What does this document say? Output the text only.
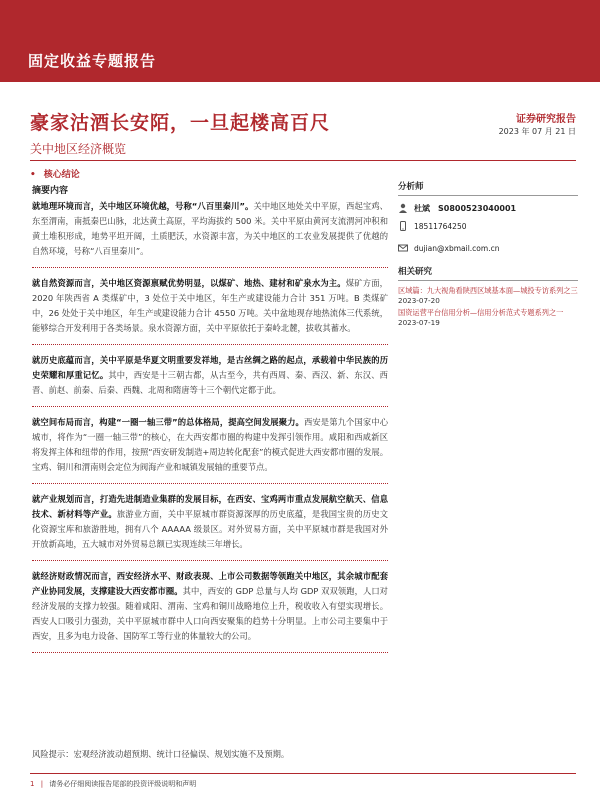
固定收益专题报告
豪家沽酒长安陌，一旦起楼高百尺
关中地区经济概览
证券研究报告
2023 年 07 月 21 日
• 核心结论
摘要内容

就地理环境而言，关中地区环境优越，号称“八百里秦川”。关中地区地处关中平原，西起宝鸡、东至渭南，南抵秦巴山脉，北达黄土高原，平均海拔约 500 米。关中平原由黄河支流渭河冲积和黄土堆积形成，地势平坦开阔，土质肥沃，水资源丰富，为关中地区的工农业发展提供了优越的自然环境，号称“八百里秦川”。

就自然资源而言，关中地区资源禀赋优势明显，以煤矿、地热、建材和矿泉水为主。煤矿方面，2020 年陕西省 A 类煤矿中，3 处位于关中地区，年生产或建设能力合计 351 万吨。B 类煤矿中，26 处处于关中地区，年生产或建设能力合计 4550 万吨。关中盆地现存地热流体三代系统，能够综合开发利用于各类场景。泉水资源方面，关中平原依托于秦岭北麓，拔收其蓄水。

就历史底蕴而言，关中平原是华夏文明重要发祥地，是古丝绸之路的起点，承载着中华民族的历史荣耀和厚重记忆。其中，西安是十三朝古都，从古至今，共有西周、秦、西汉、新、东汉、西晋、前赵、前秦、后秦、西魏、北周和隋唐等十三个朝代定都于此。

就空间布局而言，构建“一圈一轴三带”的总体格局，提高空间发展聚力。西安是第九个国家中心城市，将作为“一圈一轴三带”的核心，在大西安都市圈的构建中发挥引领作用。咸阳和西咸新区将发挥主体和纽带的作用，按照“西安研发制造+周边转化配套”的模式促进大西安都市圈的发展。宝鸡、铜川和渭南则会定位为阀海产业和城镇发展轴的重要节点。

就产业规划而言，打造先进制造业集群的发展目标，在西安、宝鸡两市重点发展航空航天、信息技术、新材料等产业。旅游业方面，关中平原城市群资源深厚的历史底蕴，是我国宝贵的历史文化资源宝库和旅游胜地，拥有八个 AAAAA 级景区。对外贸易方面，关中平原城市群是我国对外开放新高地，五大城市对外贸易总额已实现连续三年增长。

就经济财政情况而言，西安经济水平、财政表现、上市公司数据等领跑关中地区，其余城市配套产业协同发展，支撑建设大西安都市圈。其中，西安的 GDP 总量与人均 GDP 双双领跑，人口对经济发展的支撑力较强。随着咸阳、渭南、宝鸡和铜川战略地位上升，税收收入有望实现增长。西安人口吸引力强劲，关中平原城市群中人口向西安聚集的趋势十分明显。上市公司主要集中于西安，且多为电力设备、国防军工等行业的体量较大的公司。

风险提示：宏观经济波动超预期、统计口径偏误、规划实施不及预期。
分析师
杜斌 S0800523040001
18511764250
dujian@xbmail.com.cn
相关研究
区域篇：九大视角看陕西区域基本面—城投专访系列之三 2023-07-20
国资运营平台信用分析—信用分析范式专题系列之一 2023-07-19
1 | 请务必仔细阅读报告尾部的投资评级说明和声明
